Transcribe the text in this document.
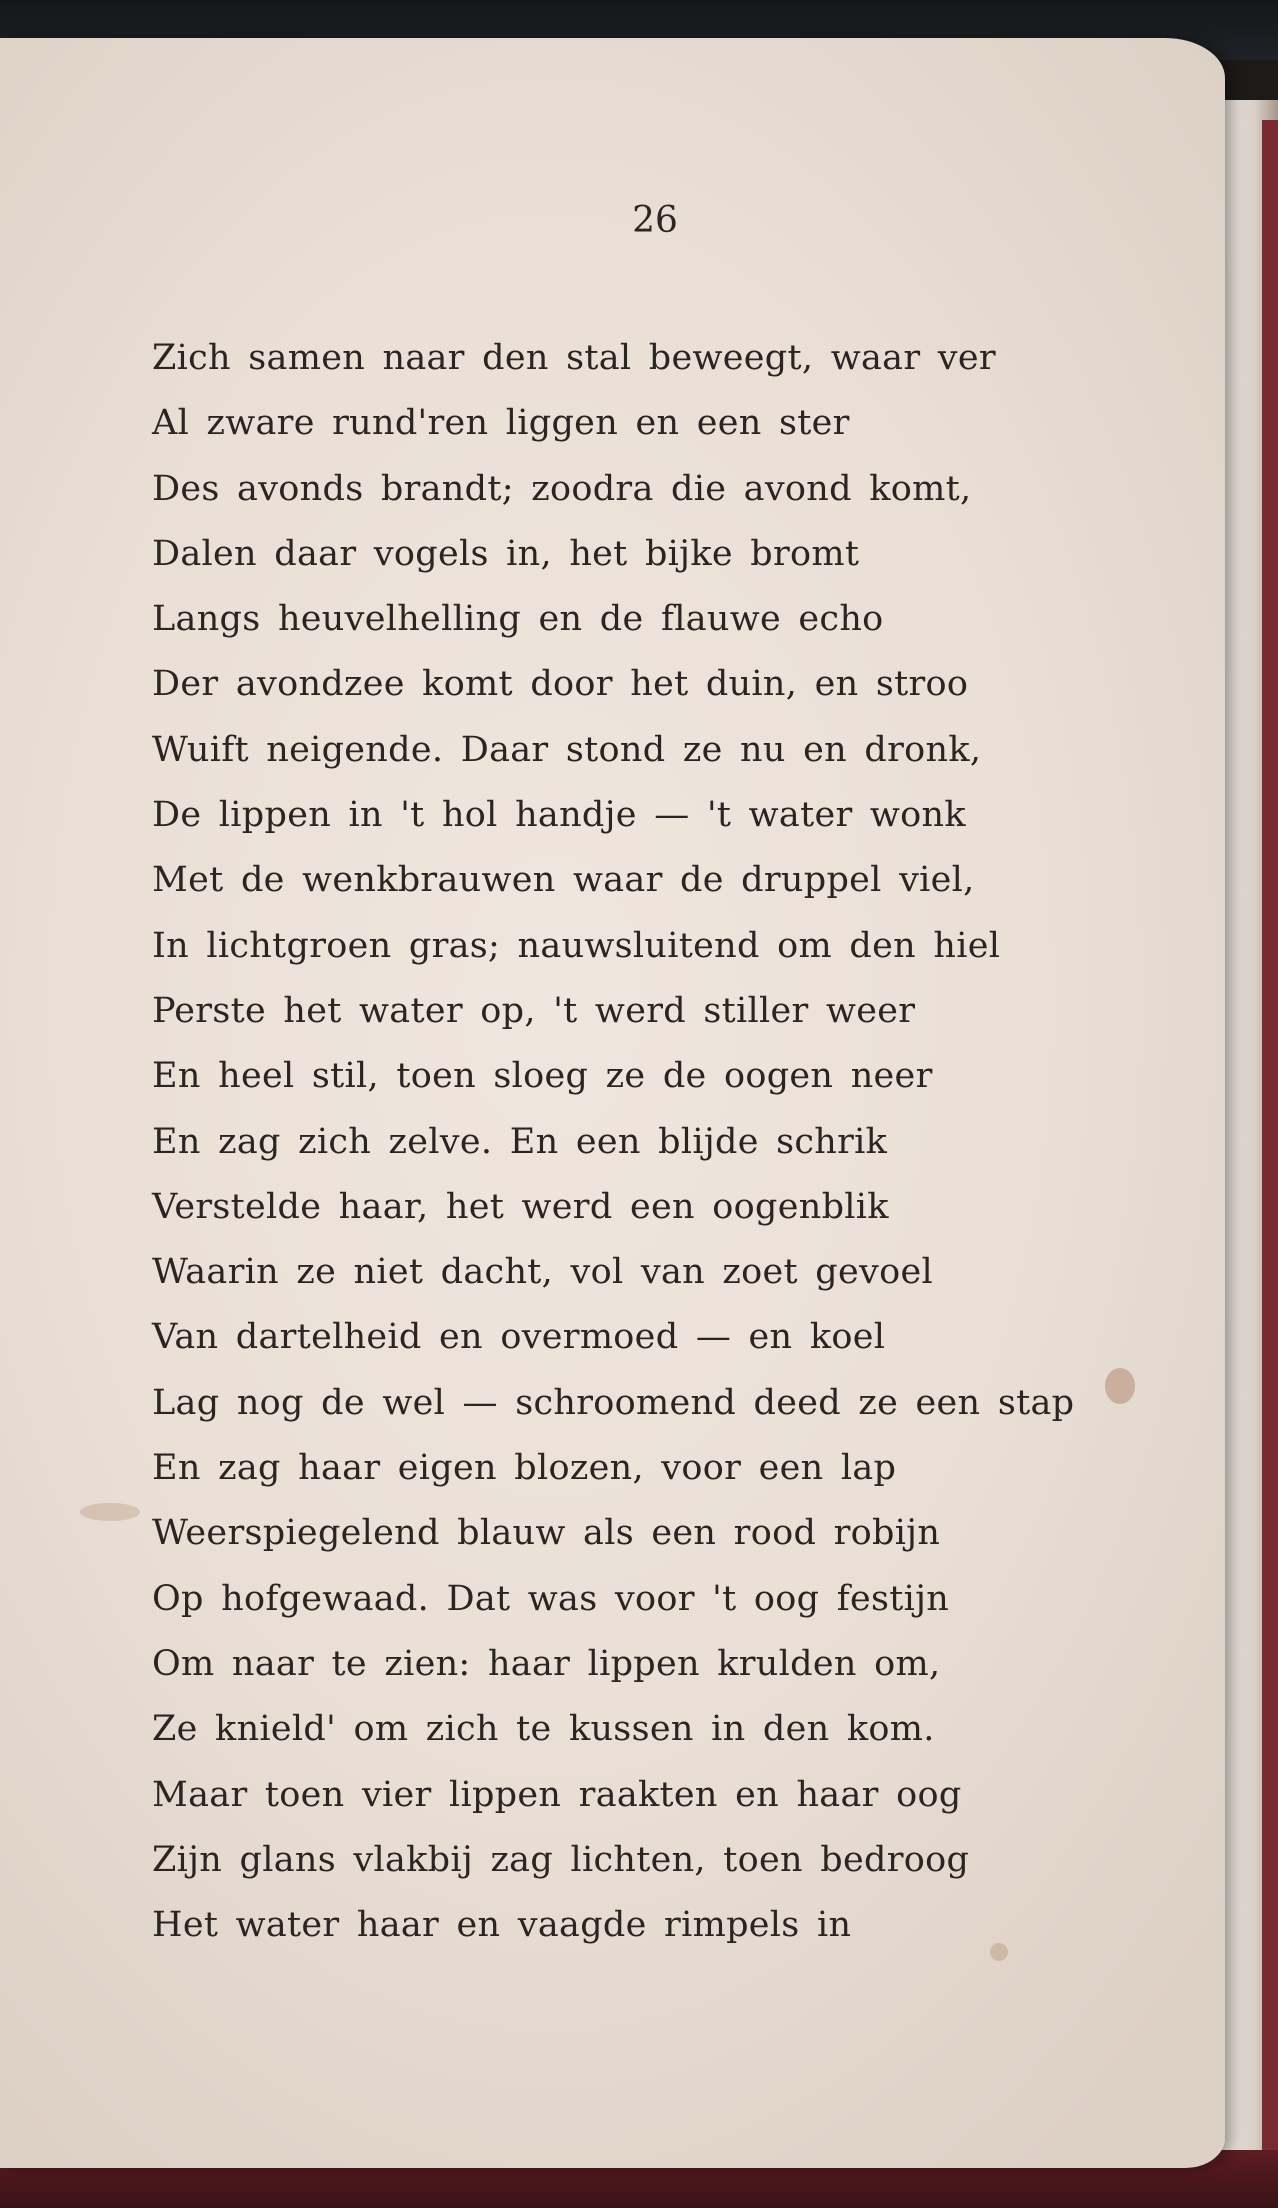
26

Zich samen naar den stal beweegt, waar ver
Al zware rund'ren liggen en een ster
Des avonds brandt; zoodra die avond komt,
Dalen daar vogels in, het bijke bromt
Langs heuvelhelling en de flauwe echo
Der avondzee komt door het duin, en stroo
Wuift neigende. Daar stond ze nu en dronk,
De lippen in 't hol handje — 't water wonk
Met de wenkbrauwen waar de druppel viel,
In lichtgroen gras; nauwsluitend om den hiel
Perste het water op, 't werd stiller weer
En heel stil, toen sloeg ze de oogen neer
En zag zich zelve. En een blijde schrik
Verstelde haar, het werd een oogenblik
Waarin ze niet dacht, vol van zoet gevoel
Van dartelheid en overmoed — en koel
Lag nog de wel — schroomend deed ze een stap
En zag haar eigen blozen, voor een lap
Weerspiegelend blauw als een rood robijn
Op hofgewaad. Dat was voor 't oog festijn
Om naar te zien: haar lippen krulden om,
Ze knield' om zich te kussen in den kom.
Maar toen vier lippen raakten en haar oog
Zijn glans vlakbij zag lichten, toen bedroog
Het water haar en vaagde rimpels in
